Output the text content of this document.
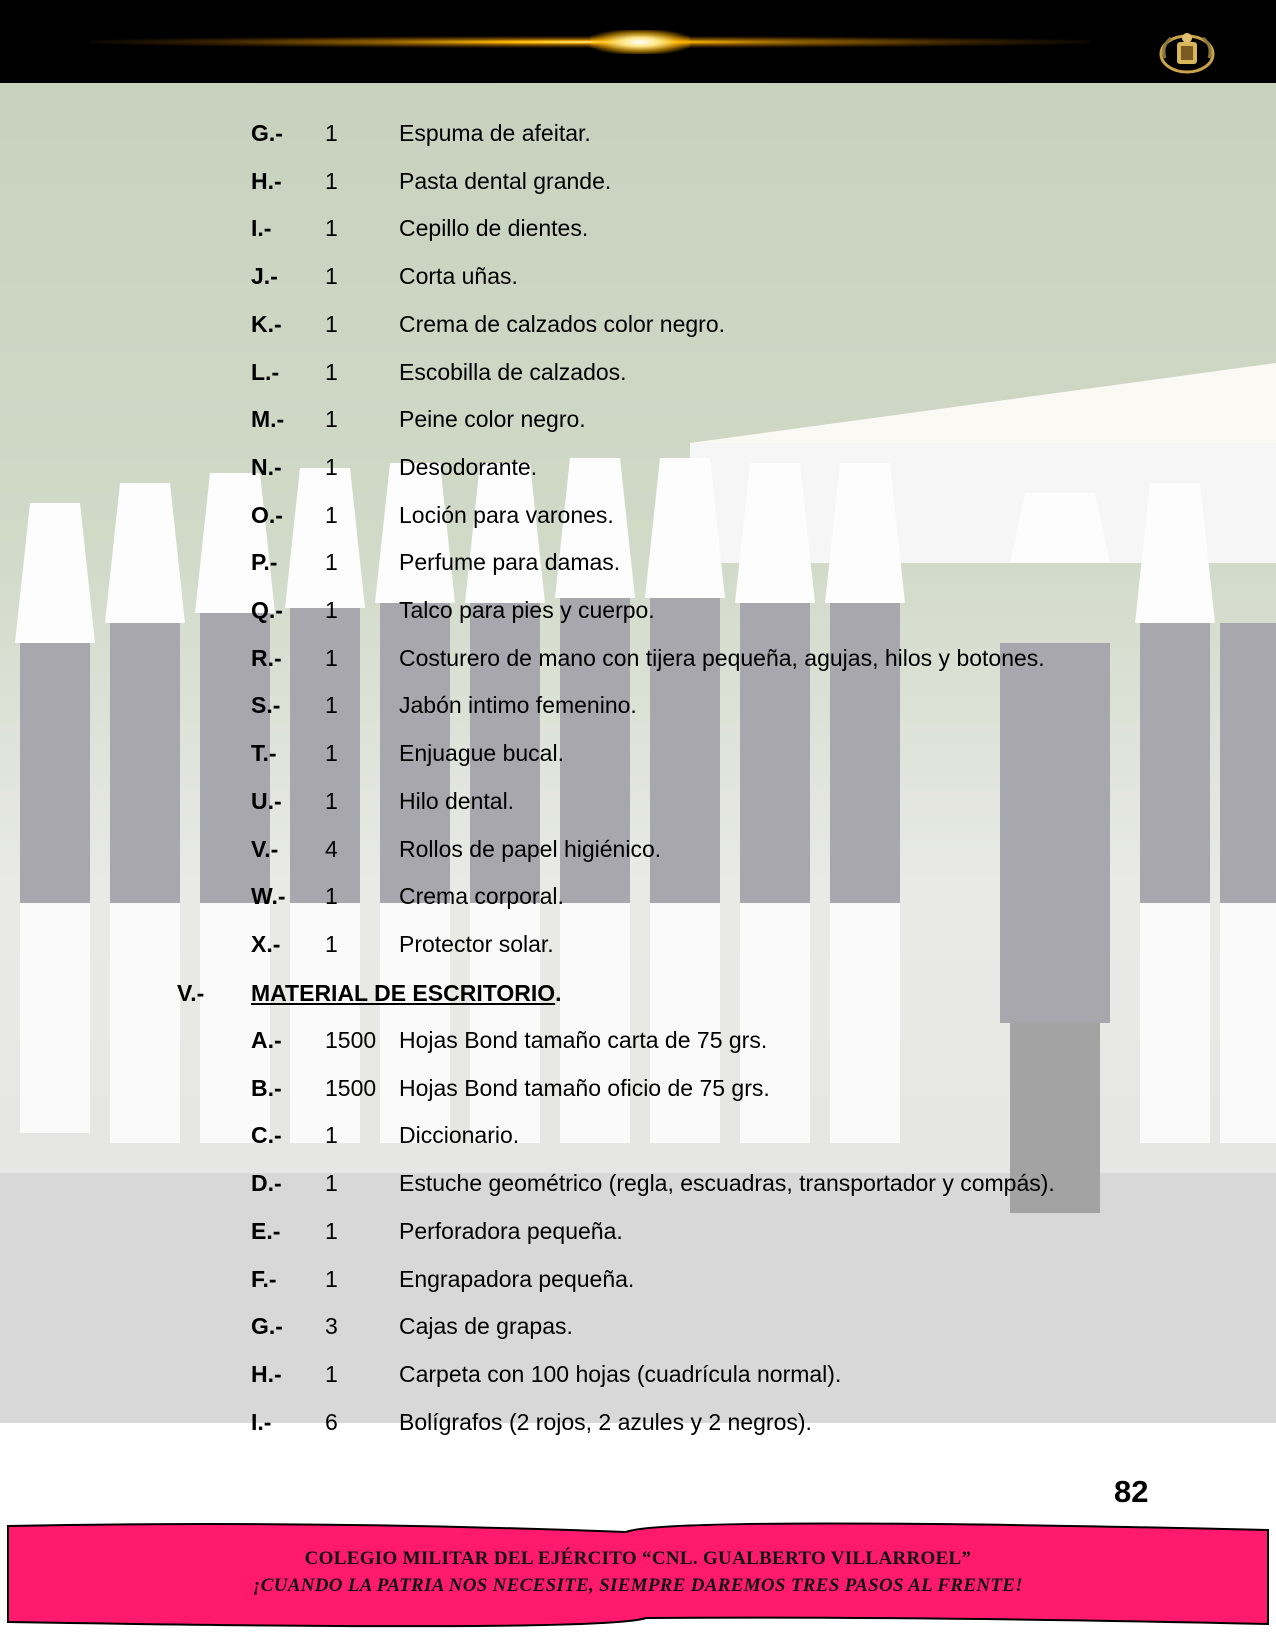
G.- 1	Espuma de afeitar.
H.- 1	Pasta dental grande.
I.- 1	Cepillo de dientes.
J.- 1	Corta uñas.
K.- 1	Crema de calzados color negro.
L.- 1	Escobilla de calzados.
M.- 1	Peine color negro.
N.- 1	Desodorante.
O.- 1	Loción para varones.
P.- 1	Perfume para damas.
Q.- 1	Talco para pies y cuerpo.
R.- 1	Costurero de mano con tijera pequeña, agujas, hilos y botones.
S.- 1	Jabón intimo femenino.
T.- 1	Enjuague bucal.
U.- 1	Hilo dental.
V.- 4	Rollos de papel higiénico.
W.- 1	Crema corporal.
X.- 1	Protector solar.
V.- MATERIAL DE ESCRITORIO.
A.- 1500 Hojas Bond tamaño carta de 75 grs.
B.- 1500 Hojas Bond tamaño oficio de 75 grs.
C.- 1	Diccionario.
D.- 1	Estuche geométrico (regla, escuadras, transportador y compás).
E.- 1	Perforadora pequeña.
F.- 1	Engrapadora pequeña.
G.- 3	Cajas de grapas.
H.- 1	Carpeta con 100 hojas (cuadrícula normal).
I.- 6	Bolígrafos (2 rojos, 2 azules y 2 negros).
82
COLEGIO MILITAR DEL EJÉRCITO “CNL. GUALBERTO VILLARROEL”
¡CUANDO LA PATRIA NOS NECESITE, SIEMPRE DAREMOS TRES PASOS AL FRENTE!
